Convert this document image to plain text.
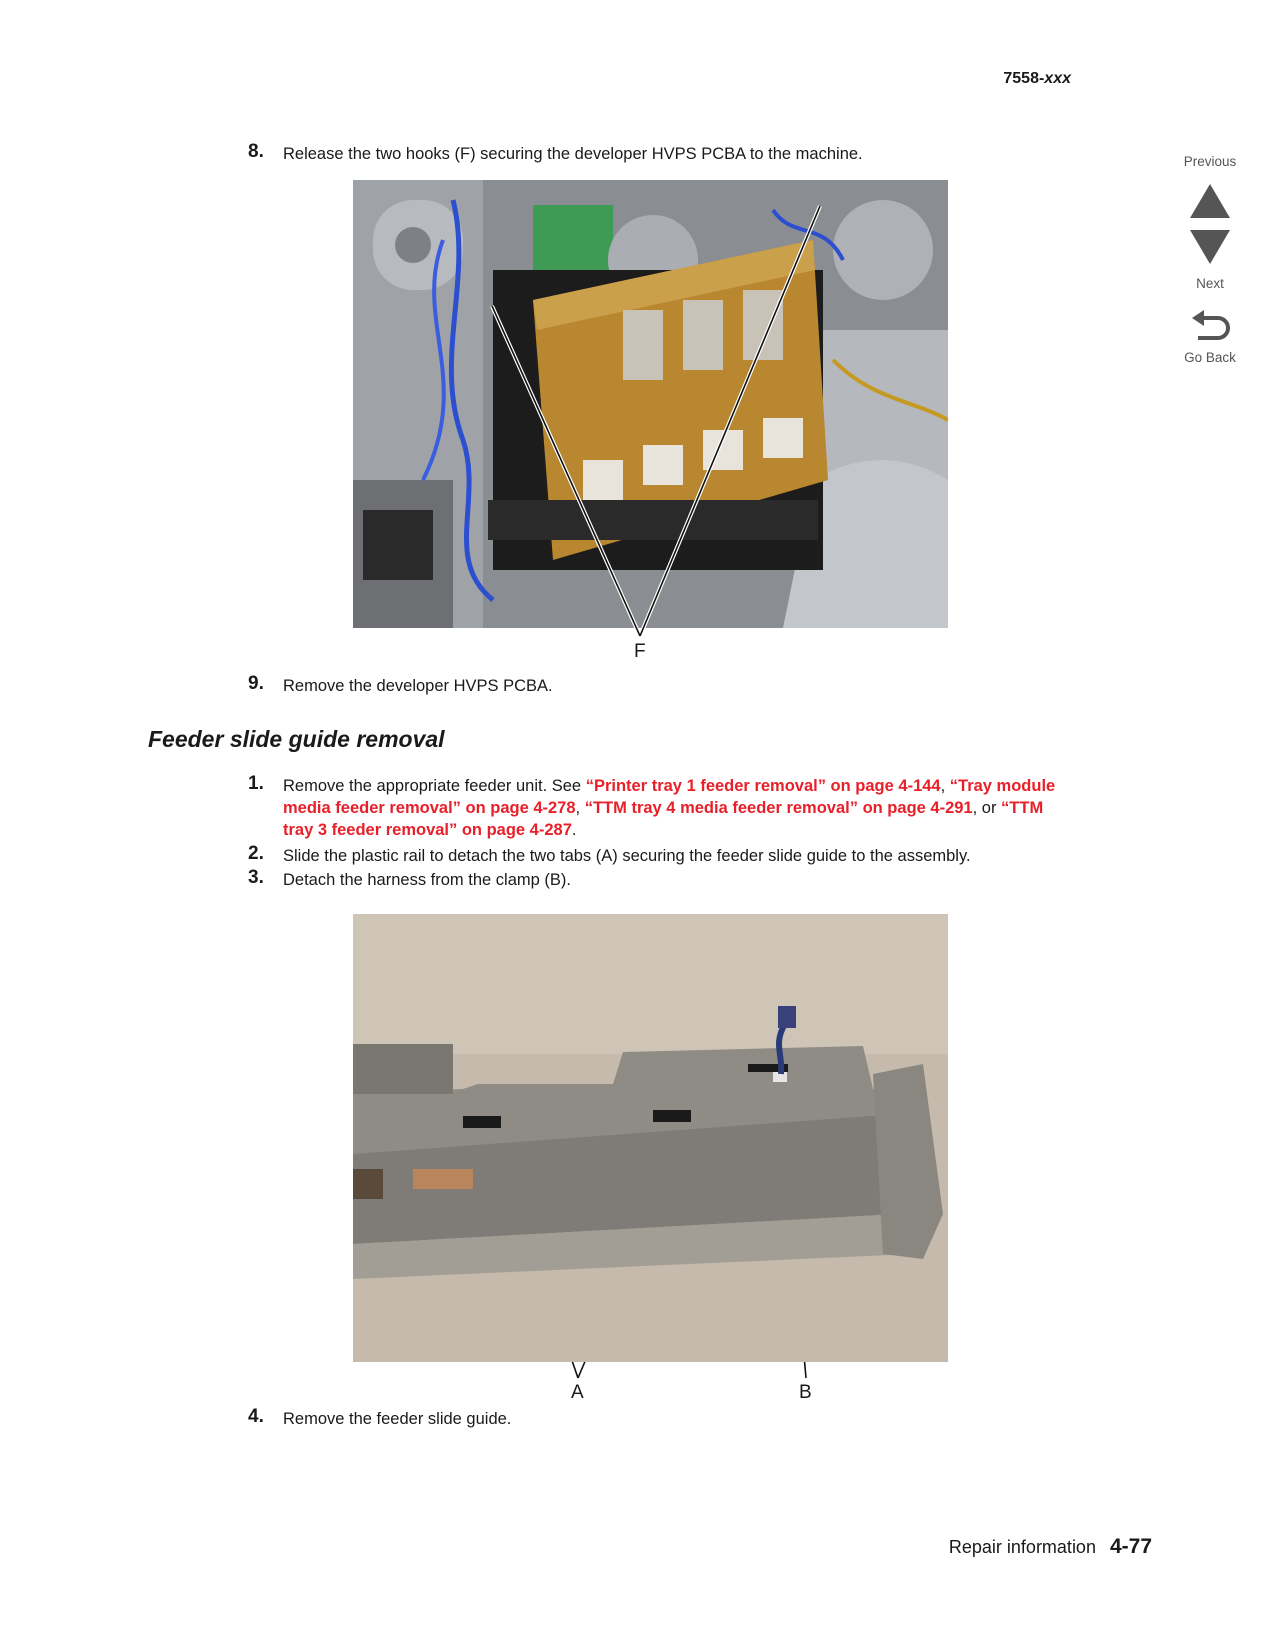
7558-xxx
Previous
Next
Go Back
8. Release the two hooks (F) securing the developer HVPS PCBA to the machine.
F
9. Remove the developer HVPS PCBA.
Feeder slide guide removal
1. Remove the appropriate feeder unit. See “Printer tray 1 feeder removal” on page 4-144, “Tray module
media feeder removal” on page 4-278, “TTM tray 4 media feeder removal” on page 4-291, or “TTM
tray 3 feeder removal” on page 4-287.
2. Slide the plastic rail to detach the two tabs (A) securing the feeder slide guide to the assembly.
3. Detach the harness from the clamp (B).
A	B
4. Remove the feeder slide guide.
Repair information 4-77
